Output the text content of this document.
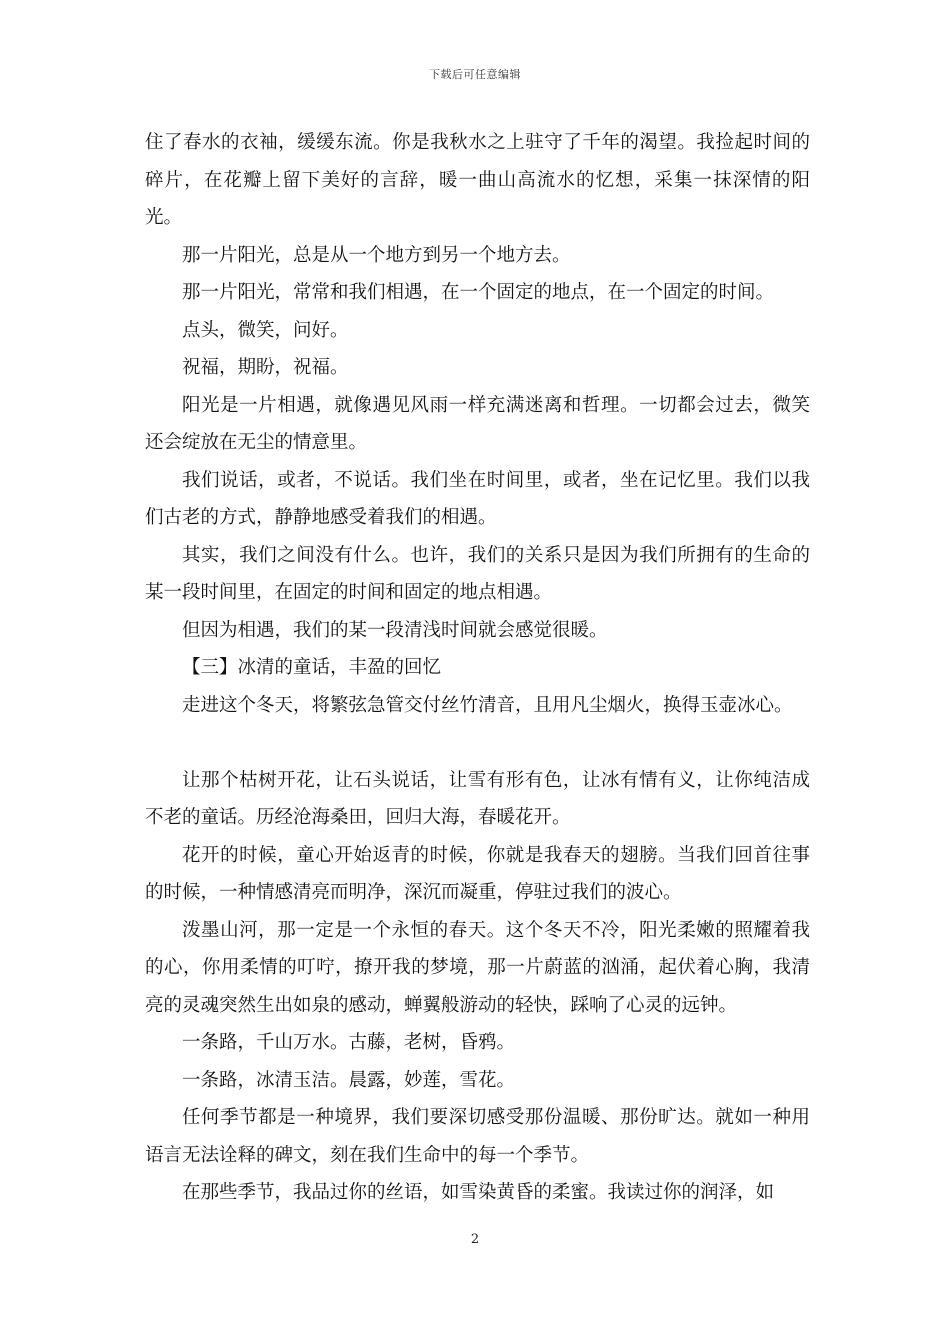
下载后可任意编辑

住了春水的衣袖，缓缓东流。你是我秋水之上驻守了千年的渴望。我捡起时间的碎片，在花瓣上留下美好的言辞，暖一曲山高流水的忆想，采集一抹深情的阳光。

那一片阳光，总是从一个地方到另一个地方去。

那一片阳光，常常和我们相遇，在一个固定的地点，在一个固定的时间。

点头，微笑，问好。

祝福，期盼，祝福。

阳光是一片相遇，就像遇见风雨一样充满迷离和哲理。一切都会过去，微笑还会绽放在无尘的情意里。

我们说话，或者，不说话。我们坐在时间里，或者，坐在记忆里。我们以我们古老的方式，静静地感受着我们的相遇。

其实，我们之间没有什么。也许，我们的关系只是因为我们所拥有的生命的某一段时间里，在固定的时间和固定的地点相遇。

但因为相遇，我们的某一段清浅时间就会感觉很暖。

【三】冰清的童话，丰盈的回忆

走进这个冬天，将繁弦急管交付丝竹清音，且用凡尘烟火，换得玉壶冰心。

让那个枯树开花，让石头说话，让雪有形有色，让冰有情有义，让你纯洁成不老的童话。历经沧海桑田，回归大海，春暖花开。

花开的时候，童心开始返青的时候，你就是我春天的翅膀。当我们回首往事的时候，一种情感清亮而明净，深沉而凝重，停驻过我们的波心。

泼墨山河，那一定是一个永恒的春天。这个冬天不冷，阳光柔嫩的照耀着我的心，你用柔情的叮咛，撩开我的梦境，那一片蔚蓝的汹涌，起伏着心胸，我清亮的灵魂突然生出如泉的感动，蝉翼般游动的轻快，踩响了心灵的远钟。

一条路，千山万水。古藤，老树，昏鸦。

一条路，冰清玉洁。晨露，妙莲，雪花。

任何季节都是一种境界，我们要深切感受那份温暖、那份旷达。就如一种用语言无法诠释的碑文，刻在我们生命中的每一个季节。

在那些季节，我品过你的丝语，如雪染黄昏的柔蜜。我读过你的润泽，如

2
